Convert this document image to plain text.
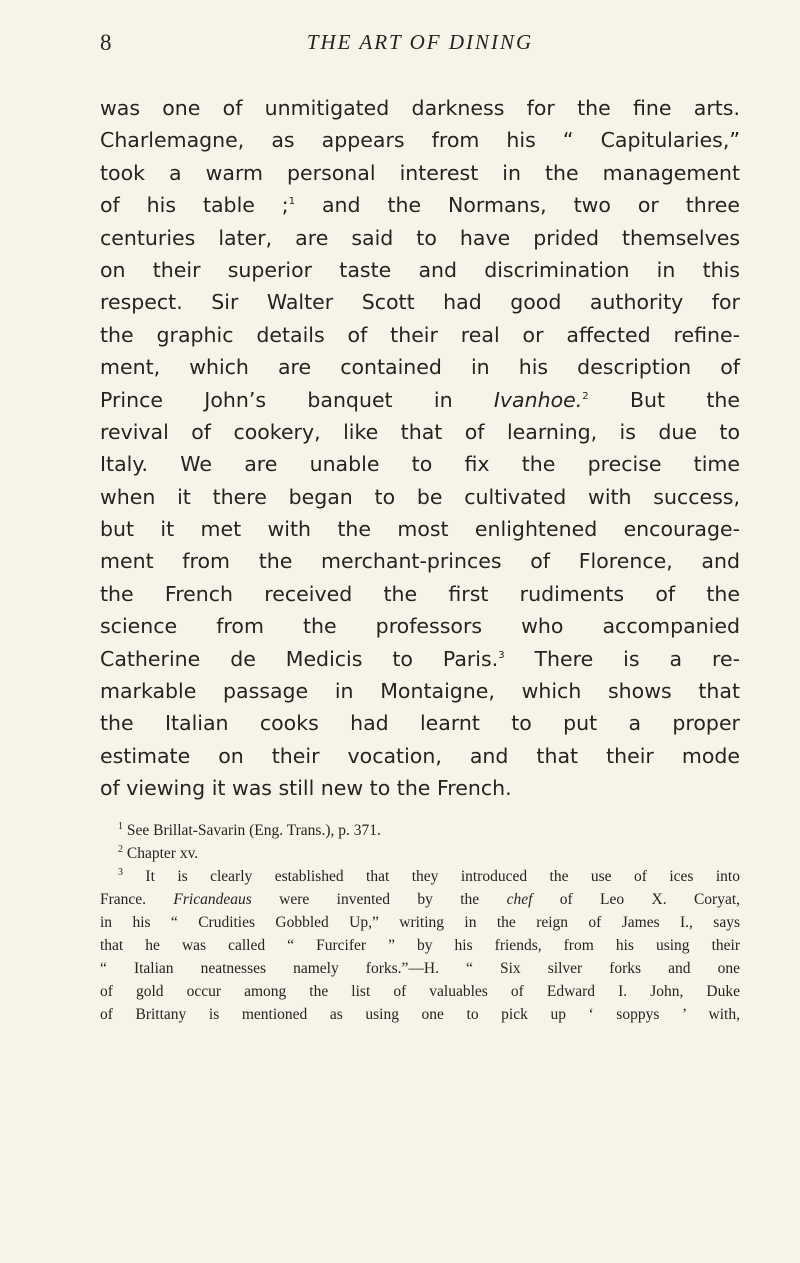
8	THE ART OF DINING
was one of unmitigated darkness for the fine arts.
Charlemagne, as appears from his “ Capitularies,”
took a warm personal interest in the management
of his table ;$^1$ and the Normans, two or three
centuries later, are said to have prided themselves
on their superior taste and discrimination in this
respect. Sir Walter Scott had good authority for
the graphic details of their real or affected refine-
ment, which are contained in his description of
Prince John’s banquet in Ivanhoe.$^2$ But the
revival of cookery, like that of learning, is due to
Italy. We are unable to fix the precise time
when it there began to be cultivated with success,
but it met with the most enlightened encourage-
ment from the merchant-princes of Florence, and
the French received the first rudiments of the
science from the professors who accompanied
Catherine de Medicis to Paris.$^3$ There is a re-
markable passage in Montaigne, which shows that
the Italian cooks had learnt to put a proper
estimate on their vocation, and that their mode
of viewing it was still new to the French.
$^1$ See Brillat-Savarin (Eng. Trans.), p. 371.
$^2$ Chapter xv.
$^3$ It is clearly established that they introduced the use of ices into
France. Fricandeaus were invented by the chef of Leo X. Coryat,
in his “ Crudities Gobbled Up,” writing in the reign of James I., says
that he was called “ Furcifer ” by his friends, from his using their
“ Italian neatnesses namely forks.”—H. “ Six silver forks and one
of gold occur among the list of valuables of Edward I. John, Duke
of Brittany is mentioned as using one to pick up ‘ soppys ’ with,
